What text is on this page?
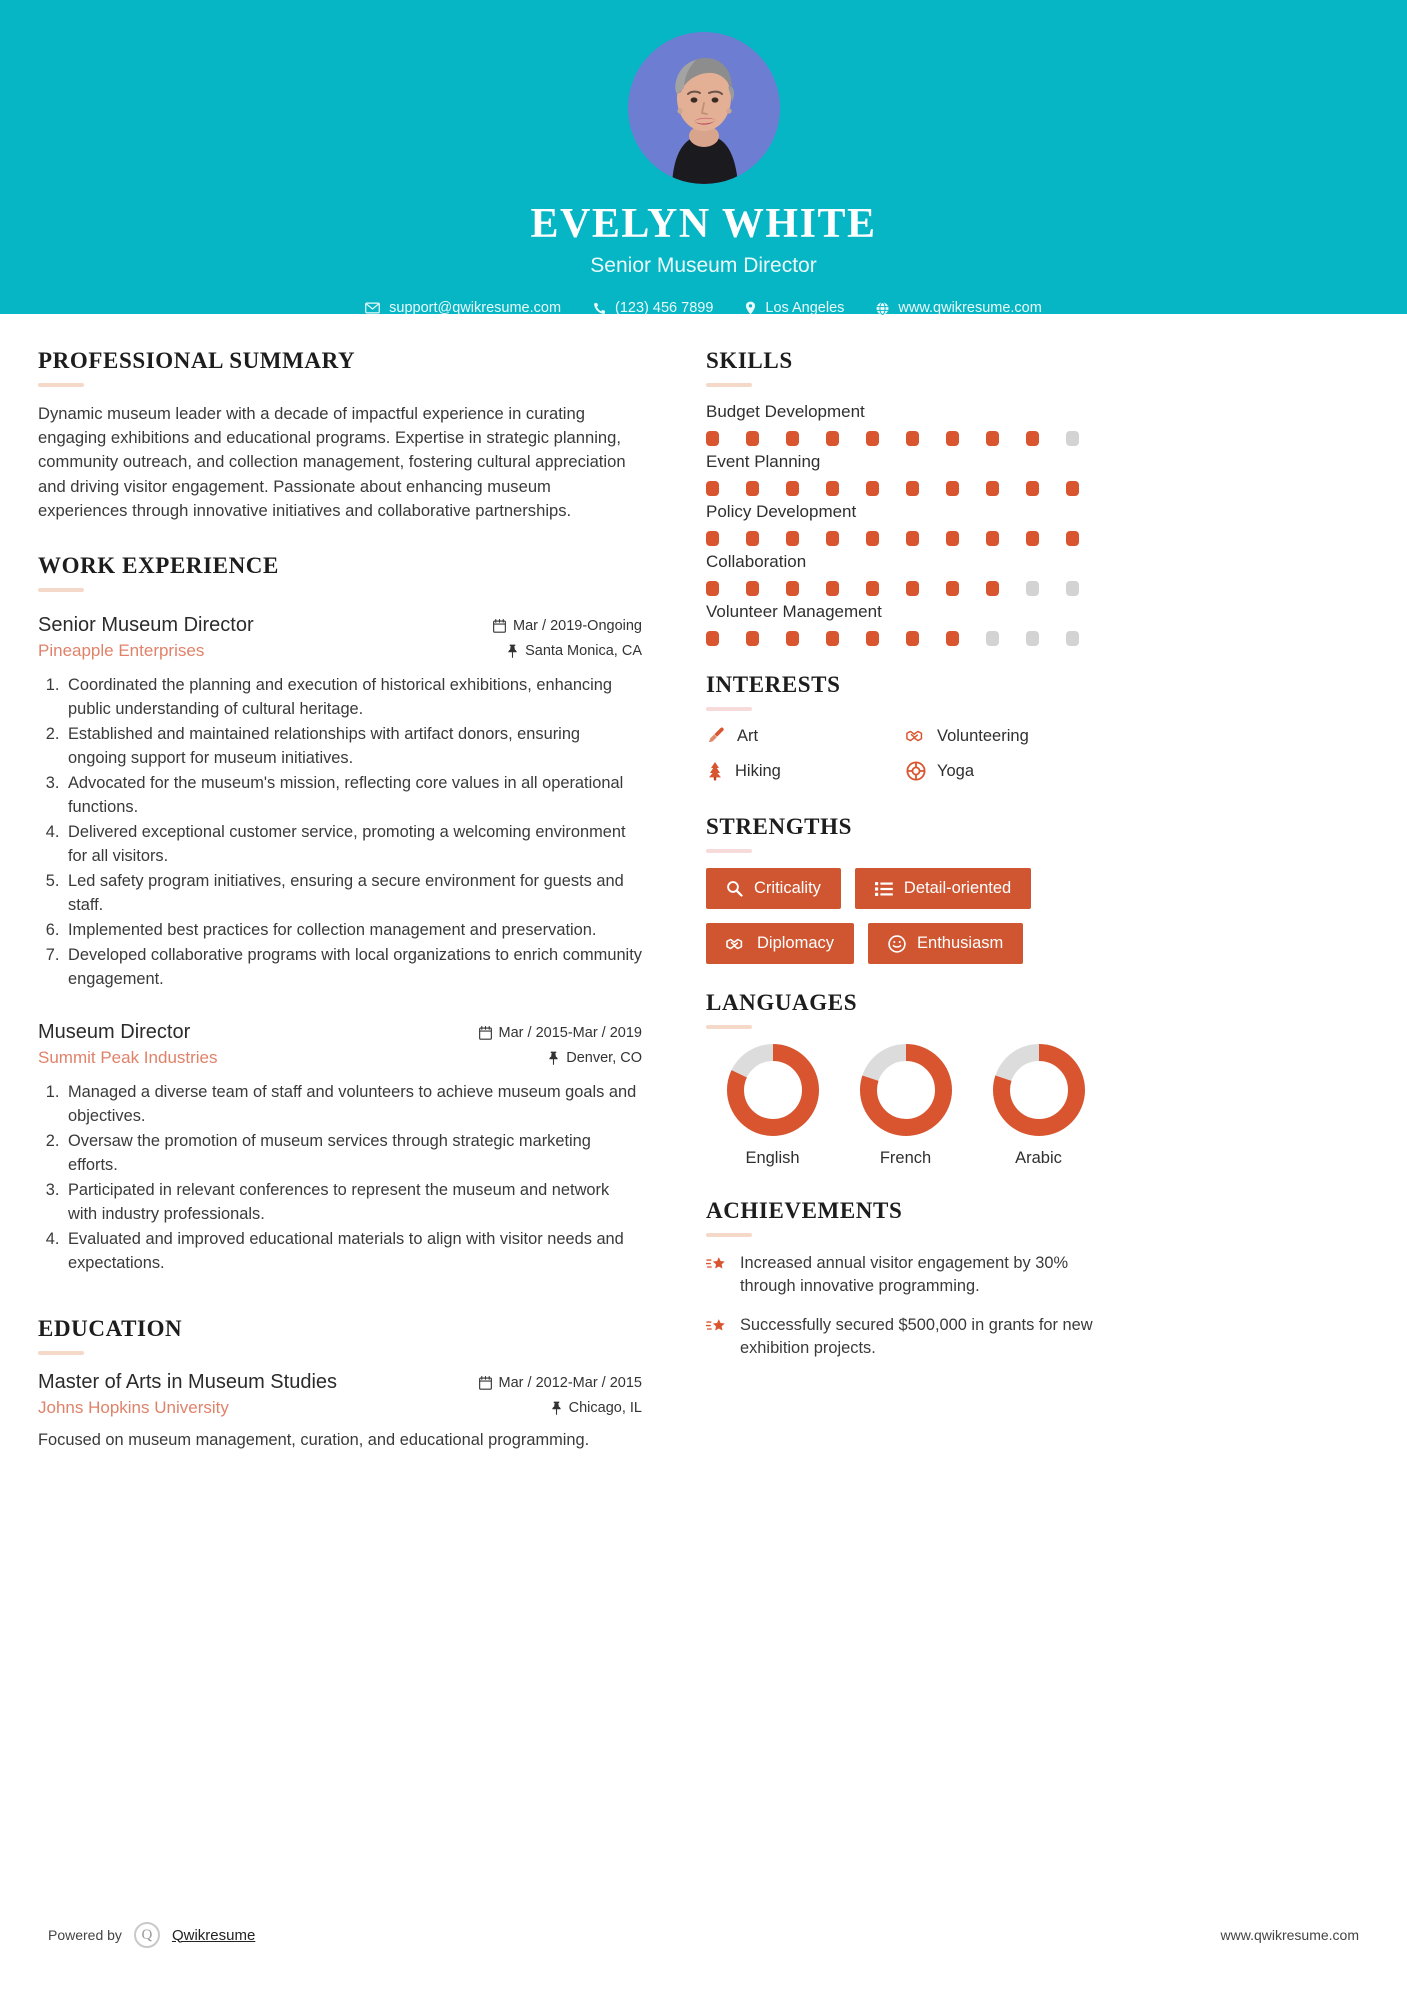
EVELYN WHITE
Senior Museum Director
support@qwikresume.com	(123) 456 7899	Los Angeles	www.qwikresume.com
PROFESSIONAL SUMMARY
Dynamic museum leader with a decade of impactful experience in curating engaging exhibitions and educational programs. Expertise in strategic planning, community outreach, and collection management, fostering cultural appreciation and driving visitor engagement. Passionate about enhancing museum experiences through innovative initiatives and collaborative partnerships.
WORK EXPERIENCE
Senior Museum Director
Pineapple Enterprises
Mar / 2019-Ongoing
Santa Monica, CA
1. Coordinated the planning and execution of historical exhibitions, enhancing public understanding of cultural heritage.
2. Established and maintained relationships with artifact donors, ensuring ongoing support for museum initiatives.
3. Advocated for the museum's mission, reflecting core values in all operational functions.
4. Delivered exceptional customer service, promoting a welcoming environment for all visitors.
5. Led safety program initiatives, ensuring a secure environment for guests and staff.
6. Implemented best practices for collection management and preservation.
7. Developed collaborative programs with local organizations to enrich community engagement.
Museum Director
Summit Peak Industries
Mar / 2015-Mar / 2019
Denver, CO
1. Managed a diverse team of staff and volunteers to achieve museum goals and objectives.
2. Oversaw the promotion of museum services through strategic marketing efforts.
3. Participated in relevant conferences to represent the museum and network with industry professionals.
4. Evaluated and improved educational materials to align with visitor needs and expectations.
EDUCATION
Master of Arts in Museum Studies
Johns Hopkins University
Mar / 2012-Mar / 2015
Chicago, IL
Focused on museum management, curation, and educational programming.
SKILLS
Budget Development
Event Planning
Policy Development
Collaboration
Volunteer Management
INTERESTS
Art	Volunteering
Hiking	Yoga
STRENGTHS
Criticality	Detail-oriented
Diplomacy	Enthusiasm
LANGUAGES
English	French	Arabic
ACHIEVEMENTS
Increased annual visitor engagement by 30% through innovative programming.
Successfully secured $500,000 in grants for new exhibition projects.
Powered by	Q	Qwikresume	www.qwikresume.com
